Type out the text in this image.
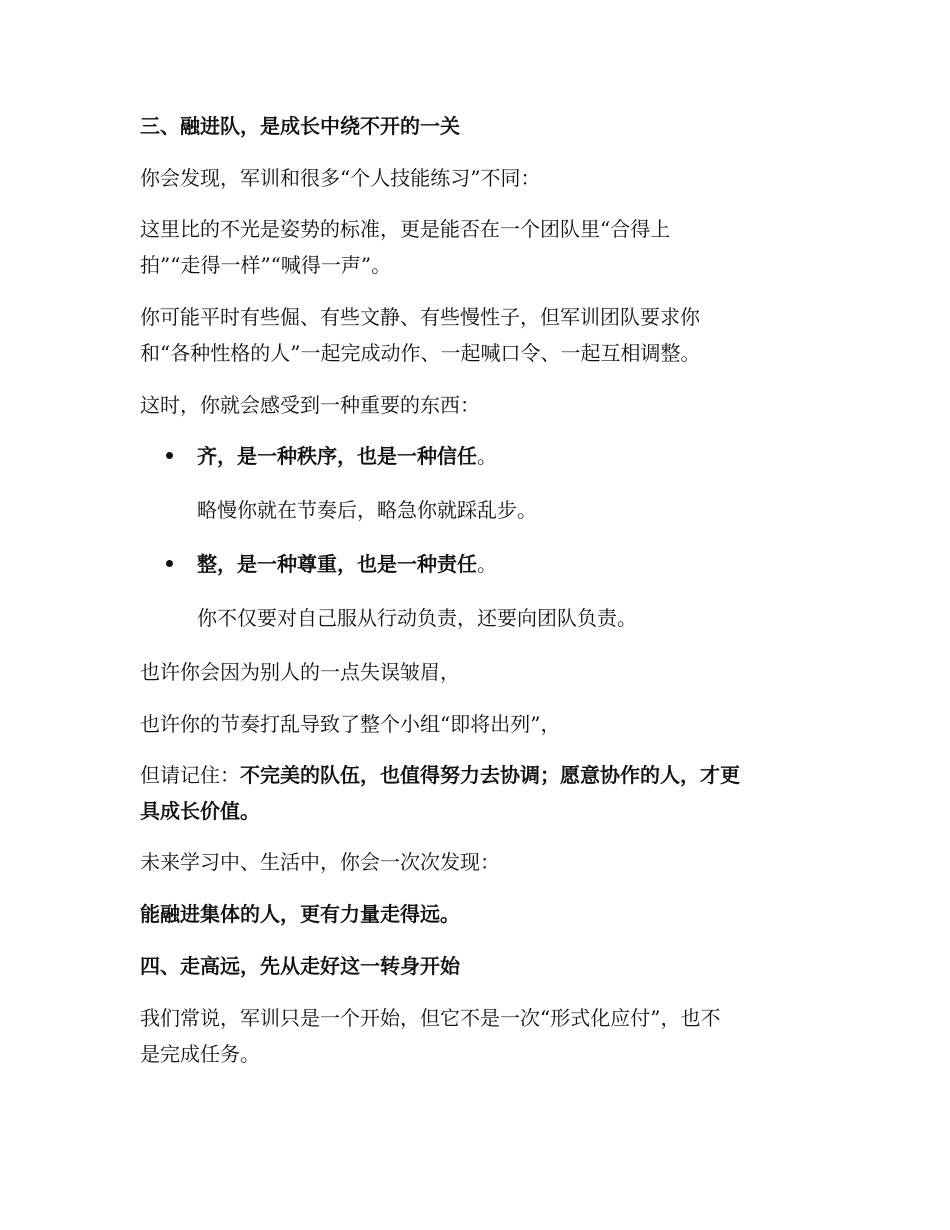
三、融进队，是成长中绕不开的一关
你会发现，军训和很多“个人技能练习”不同：
这里比的不光是姿势的标准，更是能否在一个团队里“合得上
拍”“走得一样”“喊得一声”。
你可能平时有些倔、有些文静、有些慢性子，但军训团队要求你
和“各种性格的人”一起完成动作、一起喊口令、一起互相调整。
这时，你就会感受到一种重要的东西：
齐，是一种秩序，也是一种信任。
略慢你就在节奏后，略急你就踩乱步。
整，是一种尊重，也是一种责任。
你不仅要对自己服从行动负责，还要向团队负责。
也许你会因为别人的一点失误皱眉，
也许你的节奏打乱导致了整个小组“即将出列”，
但请记住：不完美的队伍，也值得努力去协调；愿意协作的人，才更
具成长价值。
未来学习中、生活中，你会一次次发现：
能融进集体的人，更有力量走得远。
四、走高远，先从走好这一转身开始
我们常说，军训只是一个开始，但它不是一次“形式化应付”，也不
是完成任务。
